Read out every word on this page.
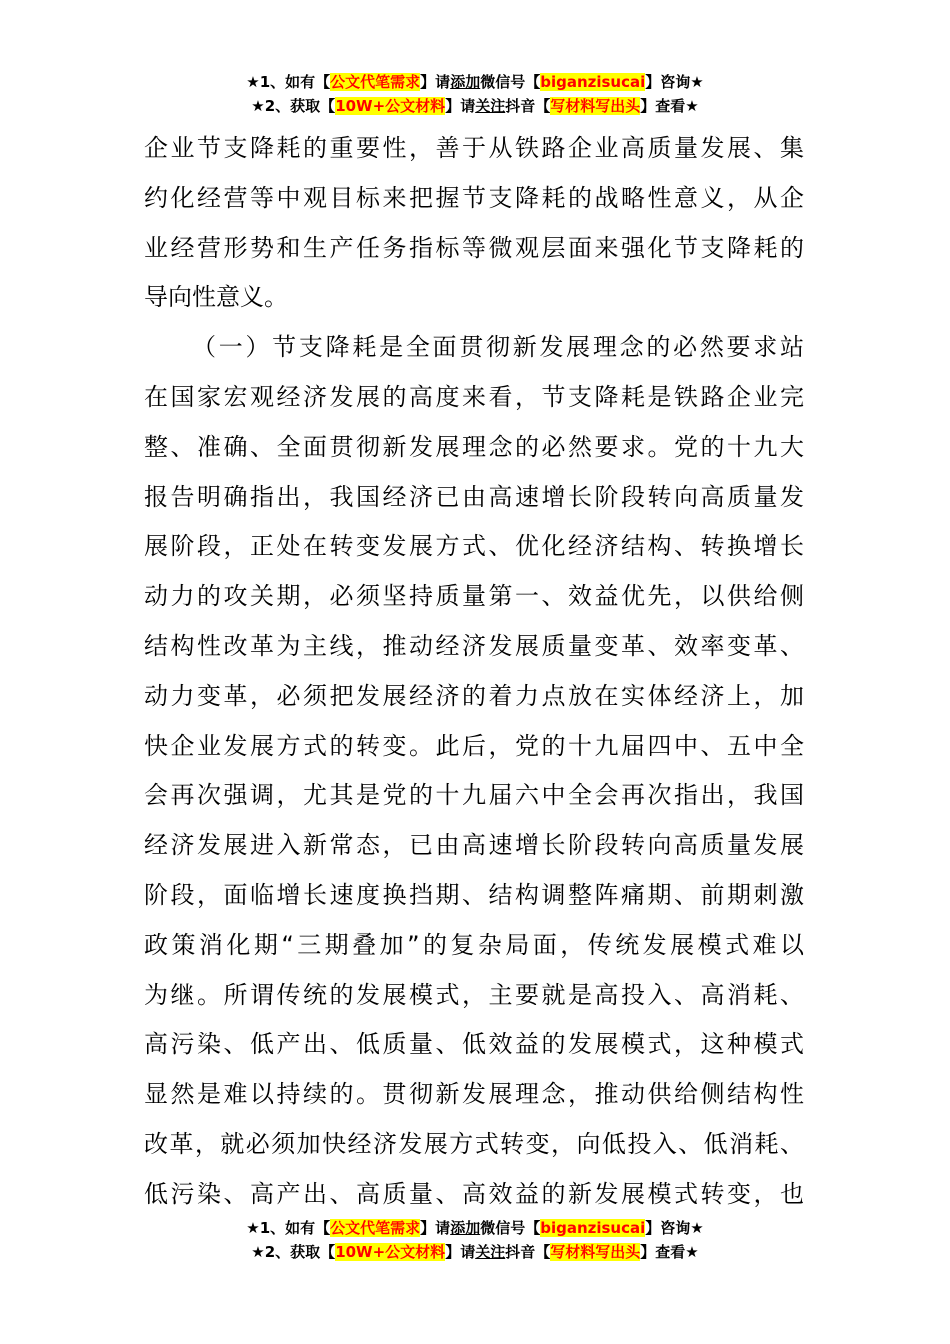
★1、如有【公文代笔需求】请添加微信号【biganzisucai】咨询★
★2、获取【10W+公文材料】请关注抖音【写材料写出头】查看★
企业节支降耗的重要性，善于从铁路企业高质量发展、集
约化经营等中观目标来把握节支降耗的战略性意义，从企
业经营形势和生产任务指标等微观层面来强化节支降耗的
导向性意义。
（一）节支降耗是全面贯彻新发展理念的必然要求站
在国家宏观经济发展的高度来看，节支降耗是铁路企业完
整、准确、全面贯彻新发展理念的必然要求。党的十九大
报告明确指出，我国经济已由高速增长阶段转向高质量发
展阶段，正处在转变发展方式、优化经济结构、转换增长
动力的攻关期，必须坚持质量第一、效益优先，以供给侧
结构性改革为主线，推动经济发展质量变革、效率变革、
动力变革，必须把发展经济的着力点放在实体经济上，加
快企业发展方式的转变。此后，党的十九届四中、五中全
会再次强调，尤其是党的十九届六中全会再次指出，我国
经济发展进入新常态，已由高速增长阶段转向高质量发展
阶段，面临增长速度换挡期、结构调整阵痛期、前期刺激
政策消化期“三期叠加”的复杂局面，传统发展模式难以
为继。所谓传统的发展模式，主要就是高投入、高消耗、
高污染、低产出、低质量、低效益的发展模式，这种模式
显然是难以持续的。贯彻新发展理念，推动供给侧结构性
改革，就必须加快经济发展方式转变，向低投入、低消耗、
低污染、高产出、高质量、高效益的新发展模式转变，也
★1、如有【公文代笔需求】请添加微信号【biganzisucai】咨询★
★2、获取【10W+公文材料】请关注抖音【写材料写出头】查看★
